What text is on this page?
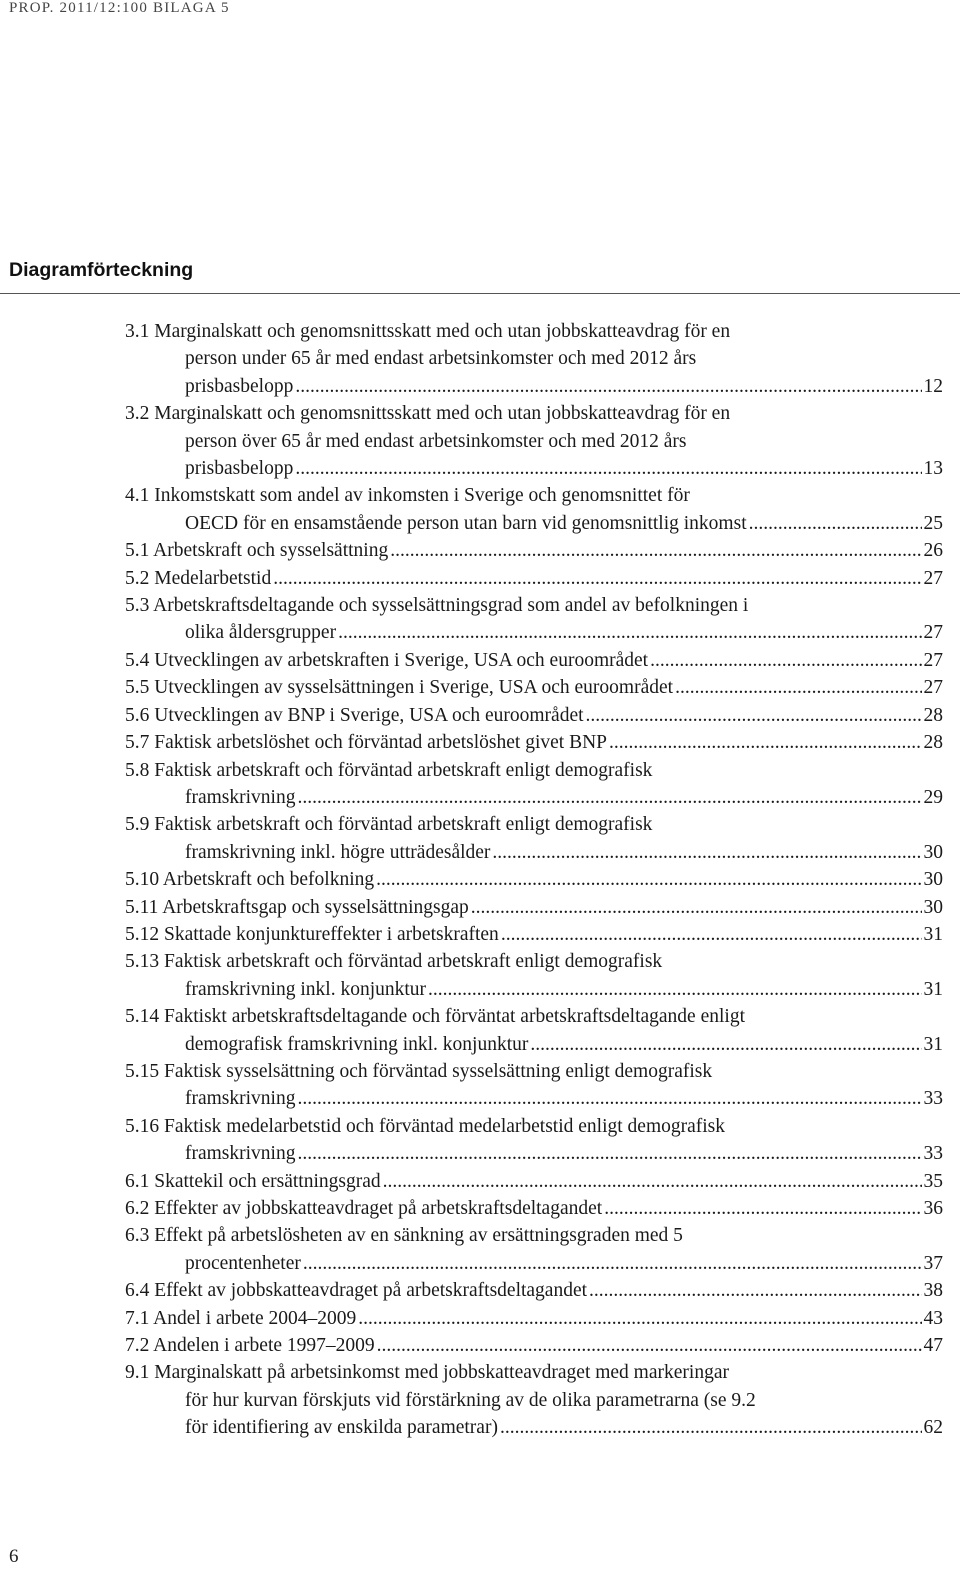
PROP. 2011/12:100 BILAGA 5
Diagramförteckning
3.1 Marginalskatt och genomsnittsskatt med och utan jobbskatteavdrag för en
person under 65 år med endast arbetsinkomster och med 2012 års
prisbasbelopp .....	12
3.2 Marginalskatt och genomsnittsskatt med och utan jobbskatteavdrag för en
person över 65 år med endast arbetsinkomster och med 2012 års
prisbasbelopp .....	13
4.1 Inkomstskatt som andel av inkomsten i Sverige och genomsnittet för
OECD för en ensamstående person utan barn vid genomsnittlig inkomst .....	25
5.1 Arbetskraft och sysselsättning .....	26
5.2 Medelarbetstid .....	27
5.3 Arbetskraftsdeltagande och sysselsättningsgrad som andel av befolkningen i
olika åldersgrupper .....	27
5.4 Utvecklingen av arbetskraften i Sverige, USA och euroområdet .....	27
5.5 Utvecklingen av sysselsättningen i Sverige, USA och euroområdet .....	27
5.6 Utvecklingen av BNP i Sverige, USA och euroområdet .....	28
5.7 Faktisk arbetslöshet och förväntad arbetslöshet givet BNP .....	28
5.8 Faktisk arbetskraft och förväntad arbetskraft enligt demografisk
framskrivning .....	29
5.9 Faktisk arbetskraft och förväntad arbetskraft enligt demografisk
framskrivning inkl. högre utträdesålder .....	30
5.10 Arbetskraft och befolkning .....	30
5.11 Arbetskraftsgap och sysselsättningsgap .....	30
5.12 Skattade konjunktureffekter i arbetskraften .....	31
5.13 Faktisk arbetskraft och förväntad arbetskraft enligt demografisk
framskrivning inkl. konjunktur .....	31
5.14 Faktiskt arbetskraftsdeltagande och förväntat arbetskraftsdeltagande enligt
demografisk framskrivning inkl. konjunktur .....	31
5.15 Faktisk sysselsättning och förväntad sysselsättning enligt demografisk
framskrivning .....	33
5.16 Faktisk medelarbetstid och förväntad medelarbetstid enligt demografisk
framskrivning .....	33
6.1 Skattekil och ersättningsgrad .....	35
6.2 Effekter av jobbskatteavdraget på arbetskraftsdeltagandet .....	36
6.3 Effekt på arbetslösheten av en sänkning av ersättningsgraden med 5
procentenheter .....	37
6.4 Effekt av jobbskatteavdraget på arbetskraftsdeltagandet .....	38
7.1 Andel i arbete 2004–2009 .....	43
7.2 Andelen i arbete 1997–2009 .....	47
9.1 Marginalskatt på arbetsinkomst med jobbskatteavdraget med markeringar
för hur kurvan förskjuts vid förstärkning av de olika parametrarna (se 9.2
för identifiering av enskilda parametrar) .....	62
6
